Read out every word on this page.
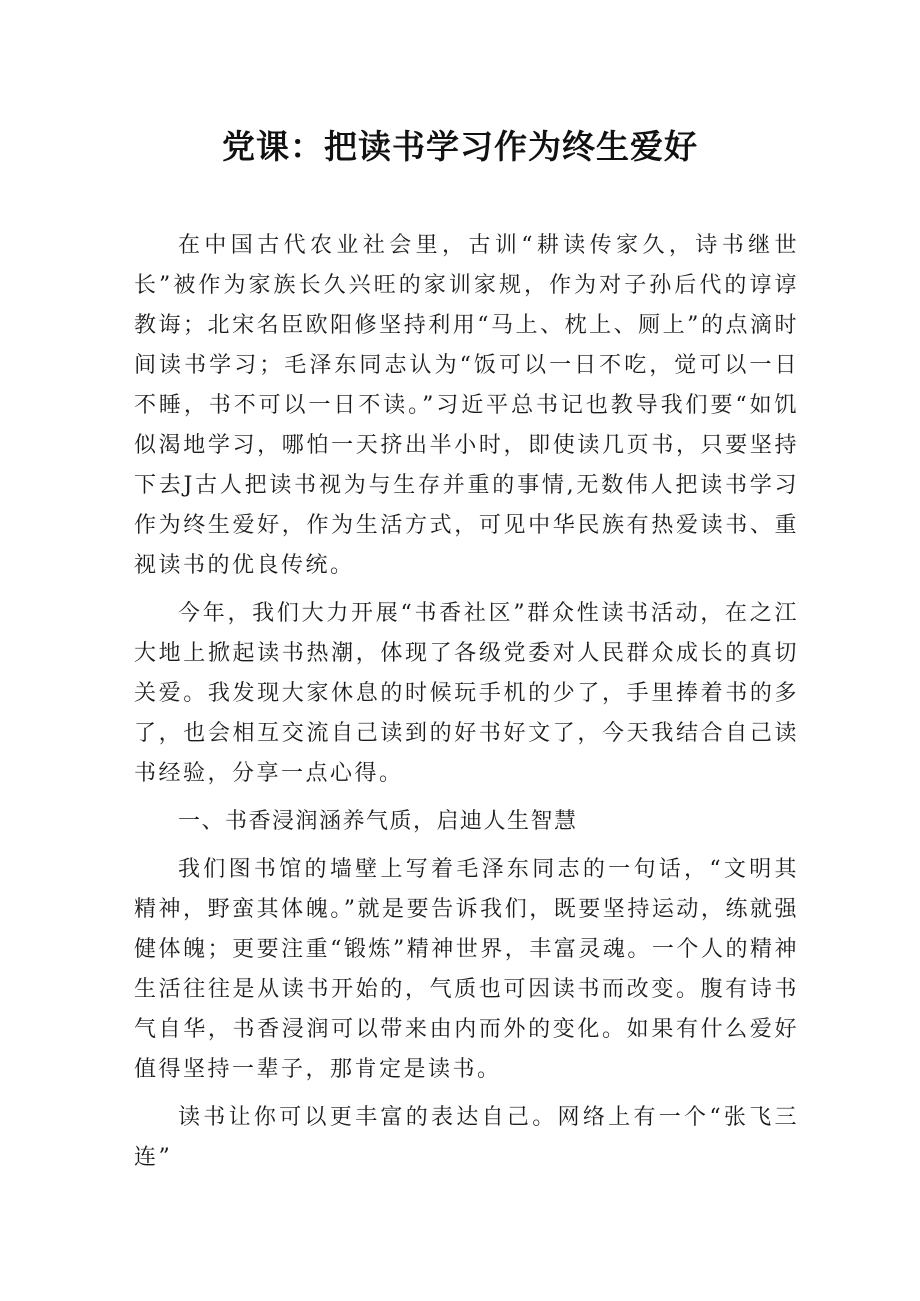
党课：把读书学习作为终生爱好

在中国古代农业社会里，古训“耕读传家久，诗书继世长”被作为家族长久兴旺的家训家规，作为对子孙后代的谆谆教诲；北宋名臣欧阳修坚持利用“马上、枕上、厕上”的点滴时间读书学习；毛泽东同志认为“饭可以一日不吃，觉可以一日不睡，书不可以一日不读。”习近平总书记也教导我们要“如饥似渴地学习，哪怕一天挤出半小时，即使读几页书，只要坚持下去J古人把读书视为与生存并重的事情,无数伟人把读书学习作为终生爱好，作为生活方式，可见中华民族有热爱读书、重视读书的优良传统。

今年，我们大力开展“书香社区”群众性读书活动，在之江大地上掀起读书热潮，体现了各级党委对人民群众成长的真切关爱。我发现大家休息的时候玩手机的少了，手里捧着书的多了，也会相互交流自己读到的好书好文了，今天我结合自己读书经验，分享一点心得。

一、书香浸润涵养气质，启迪人生智慧

我们图书馆的墙壁上写着毛泽东同志的一句话，“文明其精神，野蛮其体魄。”就是要告诉我们，既要坚持运动，练就强健体魄；更要注重“锻炼”精神世界，丰富灵魂。一个人的精神生活往往是从读书开始的，气质也可因读书而改变。腹有诗书气自华，书香浸润可以带来由内而外的变化。如果有什么爱好值得坚持一辈子，那肯定是读书。

读书让你可以更丰富的表达自己。网络上有一个“张飞三连”
